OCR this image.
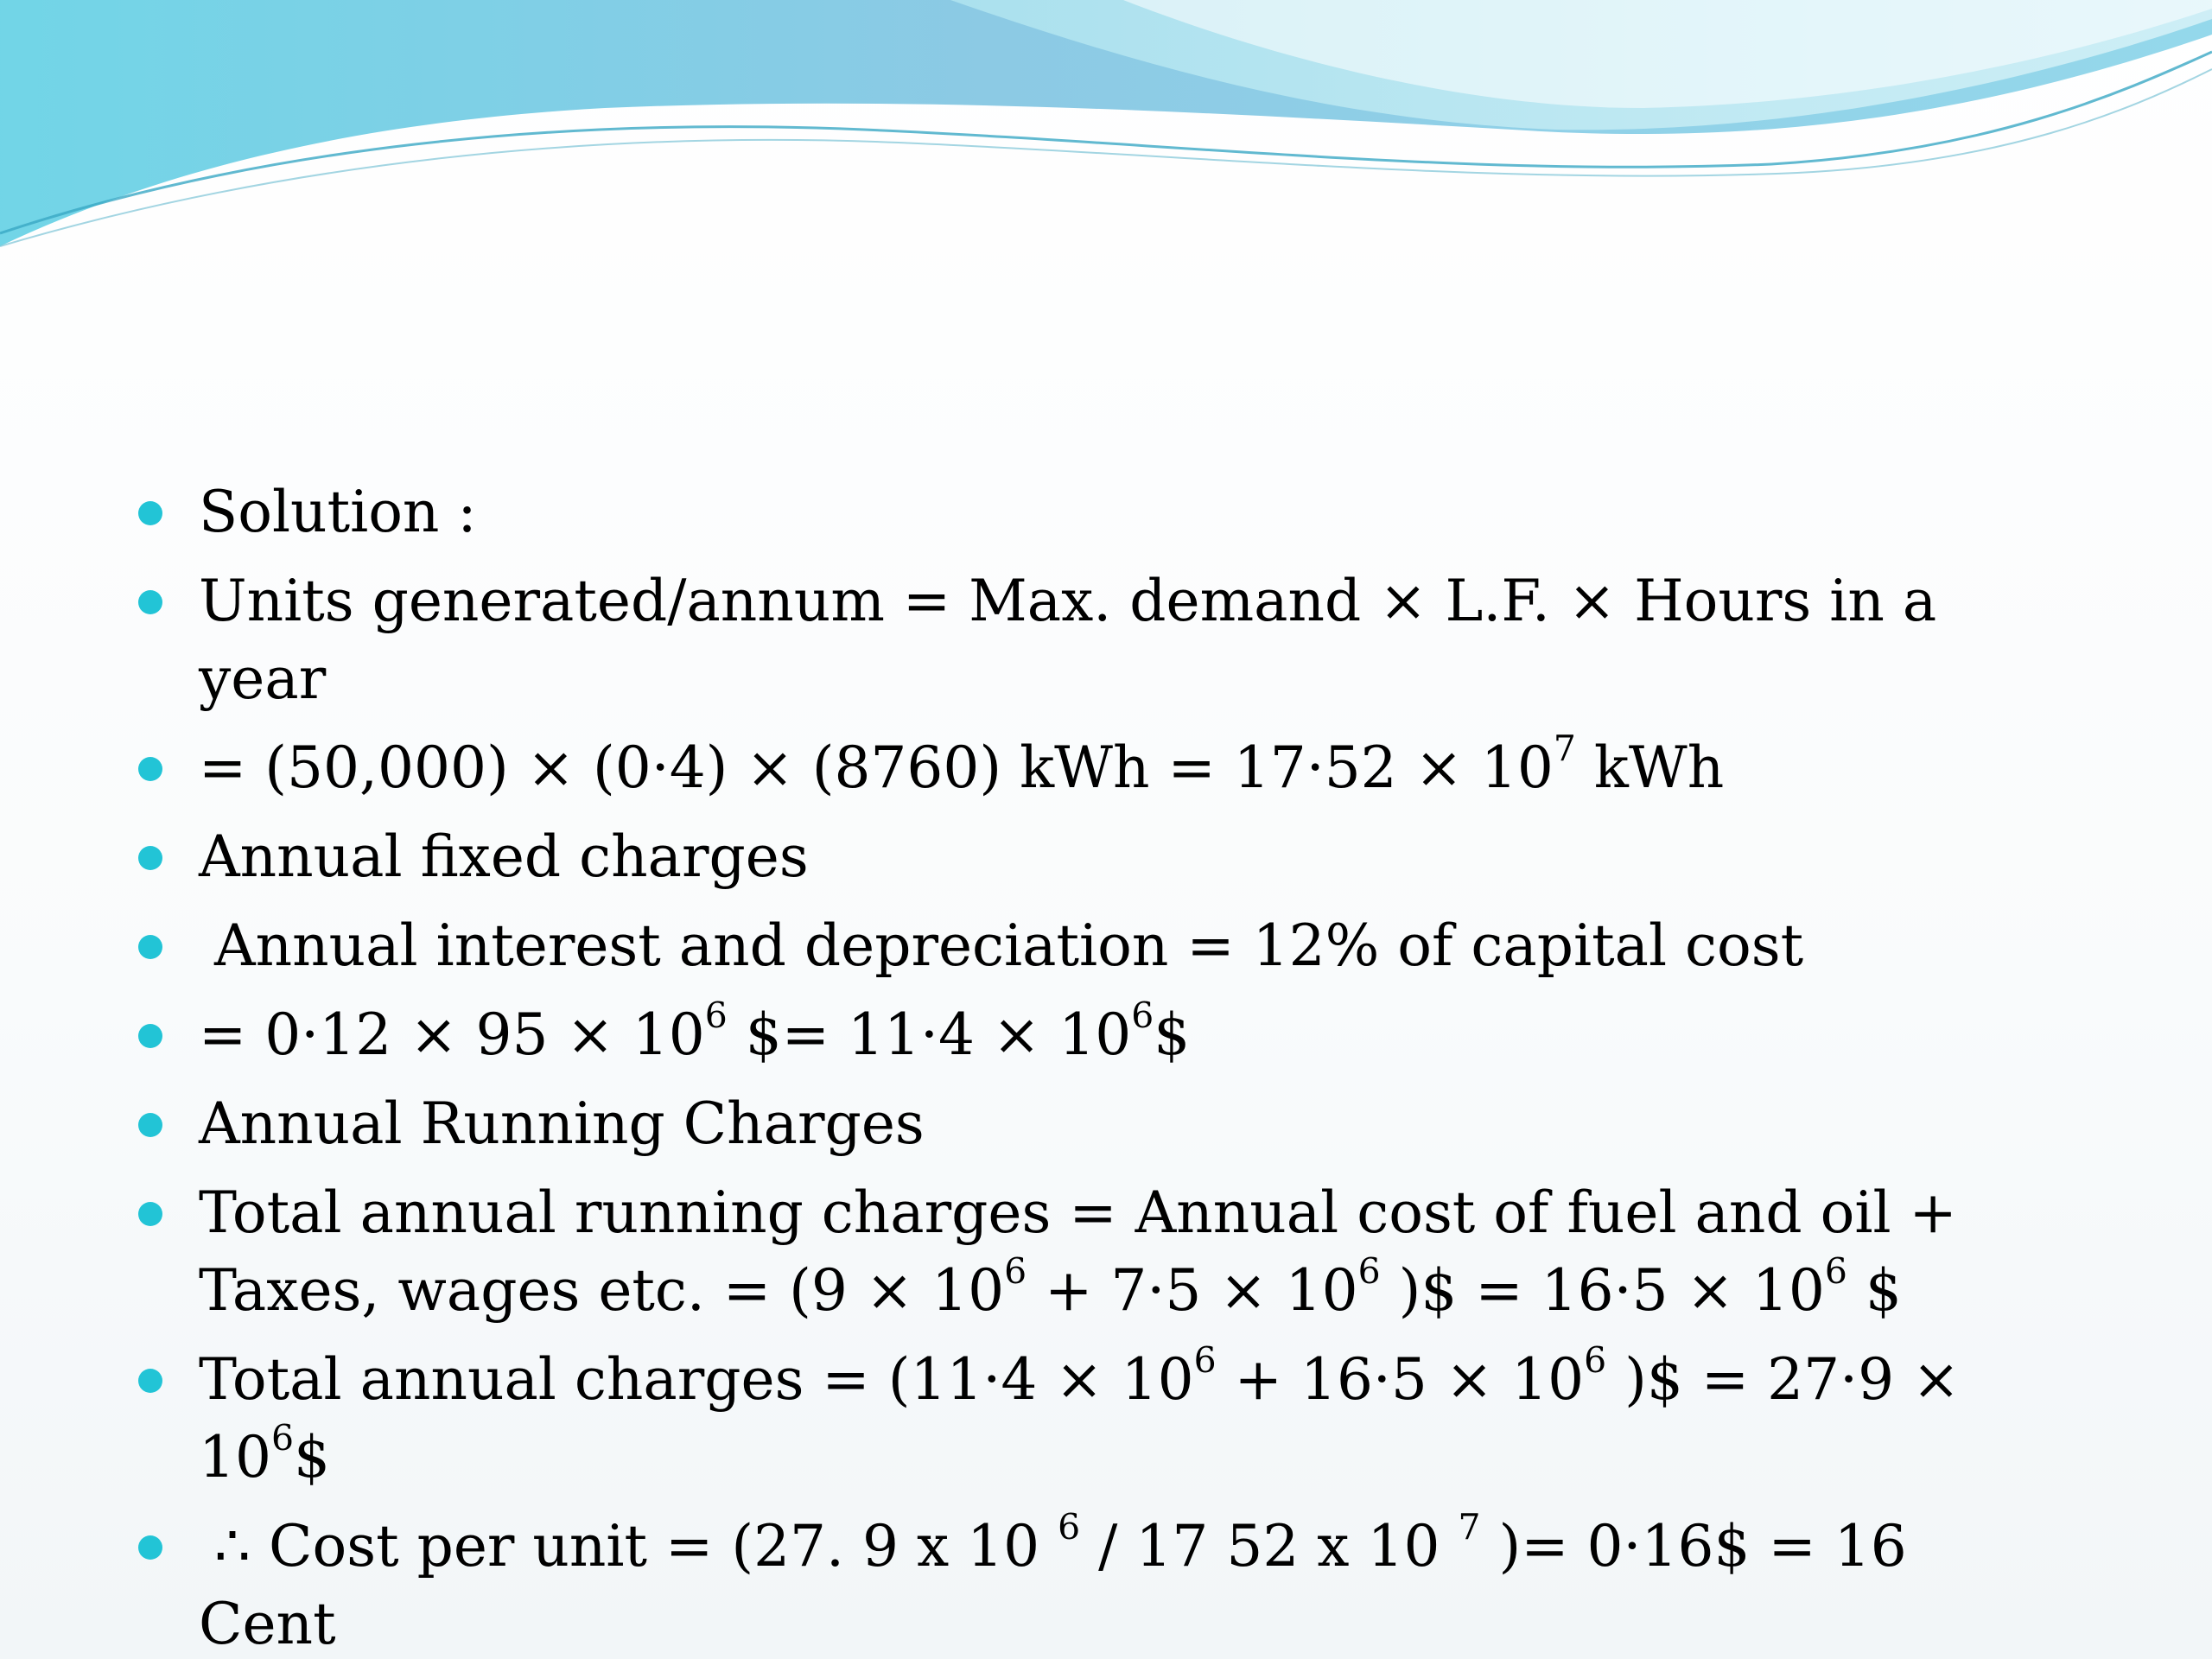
Solution :
Units generated/annum = Max. demand × L.F. × Hours in a year
= (50,000) × (0·4) × (8760) kWh = $17\cdot 52 \times 10^7$ kWh
Annual fixed charges
Annual interest and depreciation = 12% of capital cost
= $0\cdot 12 \times 95 \times 10^6$ $= $11\cdot 4 \times 10^6\$$
Annual Running Charges
Total annual running charges = Annual cost of fuel and oil + Taxes, wages etc. = ($9 \times 10^6 + 7\cdot 5 \times 10^6$ )$ = $16\cdot 5 \times 10^6$ $
Total annual charges = ($11\cdot 4 \times 10^6 + 16\cdot 5 \times 10^6$ )$ = $27\cdot 9 \times 10^6\$$
∴ Cost per unit = (27. 9 x 10 $^6$ / 17 52 x 10 $^7$ )= 0·16$ = 16 Cent
